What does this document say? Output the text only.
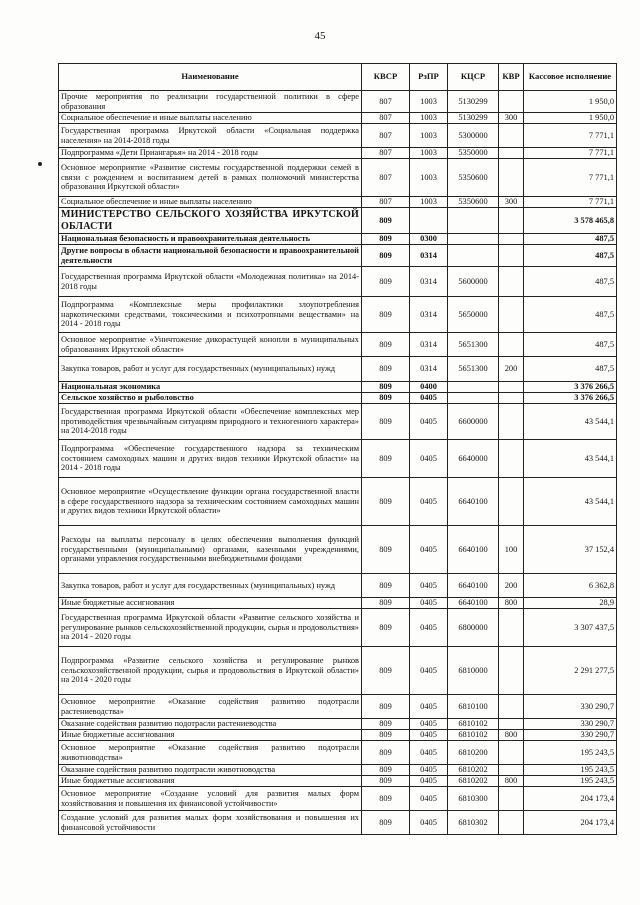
45
Наименование	КВСР	РзПР	КЦСР	КВР	Кассовое исполнение
Прочие мероприятия по реализации государственной политики в сфере образования	807	1003	5130299		1 950,0
Социальное обеспечение и иные выплаты населению	807	1003	5130299	300	1 950,0
Государственная программа Иркутской области «Социальная поддержка населения» на 2014-2018 годы	807	1003	5300000		7 771,1
Подпрограмма «Дети Приангарья» на 2014 - 2018 годы	807	1003	5350000		7 771,1
Основное мероприятие «Развитие системы государственной поддержки семей в связи с рождением и воспитанием детей в рамках полномочий министерства образования Иркутской области»	807	1003	5350600		7 771,1
Социальное обеспечение и иные выплаты населению	807	1003	5350600	300	7 771,1
МИНИСТЕРСТВО СЕЛЬСКОГО ХОЗЯЙСТВА ИРКУТСКОЙ ОБЛАСТИ	809				3 578 465,8
Национальная безопасность и правоохранительная деятельность	809	0300			487,5
Другие вопросы в области национальной безопасности и правоохранительной деятельности	809	0314			487,5
Государственная программа Иркутской области «Молодежная политика» на 2014-2018 годы	809	0314	5600000		487,5
Подпрограмма «Комплексные меры профилактики злоупотребления наркотическими средствами, токсическими и психотропными веществами» на 2014 - 2018 годы	809	0314	5650000		487,5
Основное мероприятие «Уничтожение дикорастущей конопли в муниципальных образованиях Иркутской области»	809	0314	5651300		487,5
Закупка товаров, работ и услуг для государственных (муниципальных) нужд	809	0314	5651300	200	487,5
Национальная экономика	809	0400			3 376 266,5
Сельское хозяйство и рыболовство	809	0405			3 376 266,5
Государственная программа Иркутской области «Обеспечение комплексных мер противодействия чрезвычайным ситуациям природного и техногенного характера» на 2014-2018 годы	809	0405	6600000		43 544,1
Подпрограмма «Обеспечение государственного надзора за техническим состоянием самоходных машин и других видов техники Иркутской области» на 2014 - 2018 годы	809	0405	6640000		43 544,1
Основное мероприятие «Осуществление функции органа государственной власти в сфере государственного надзора за техническим состоянием самоходных машин и других видов техники Иркутской области»	809	0405	6640100		43 544,1
Расходы на выплаты персоналу в целях обеспечения выполнения функций государственными (муниципальными) органами, казенными учреждениями, органами управления государственными внебюджетными фондами	809	0405	6640100	100	37 152,4
Закупка товаров, работ и услуг для государственных (муниципальных) нужд	809	0405	6640100	200	6 362,8
Иные бюджетные ассигнования	809	0405	6640100	800	28,9
Государственная программа Иркутской области «Развитие сельского хозяйства и регулирование рынков сельскохозяйственной продукции, сырья и продовольствия» на 2014 - 2020 годы	809	0405	6800000		3 307 437,5
Подпрограмма «Развитие сельского хозяйства и регулирование рынков сельскохозяйственной продукции, сырья и продовольствия в Иркутской области» на 2014 - 2020 годы	809	0405	6810000		2 291 277,5
Основное мероприятие «Оказание содействия развитию подотрасли растениеводства»	809	0405	6810100		330 290,7
Оказание содействия развитию подотрасли растениеводства	809	0405	6810102		330 290,7
Иные бюджетные ассигнования	809	0405	6810102	800	330 290,7
Основное мероприятие «Оказание содействия развитию подотрасли животноводства»	809	0405	6810200		195 243,5
Оказание содействия развитию подотрасли животноводства	809	0405	6810202		195 243,5
Иные бюджетные ассигнования	809	0405	6810202	800	195 243,5
Основное мероприятие «Создание условий для развития малых форм хозяйствования и повышения их финансовой устойчивости»	809	0405	6810300		204 173,4
Создание условий для развития малых форм хозяйствования и повышения их финансовой устойчивости	809	0405	6810302		204 173,4
